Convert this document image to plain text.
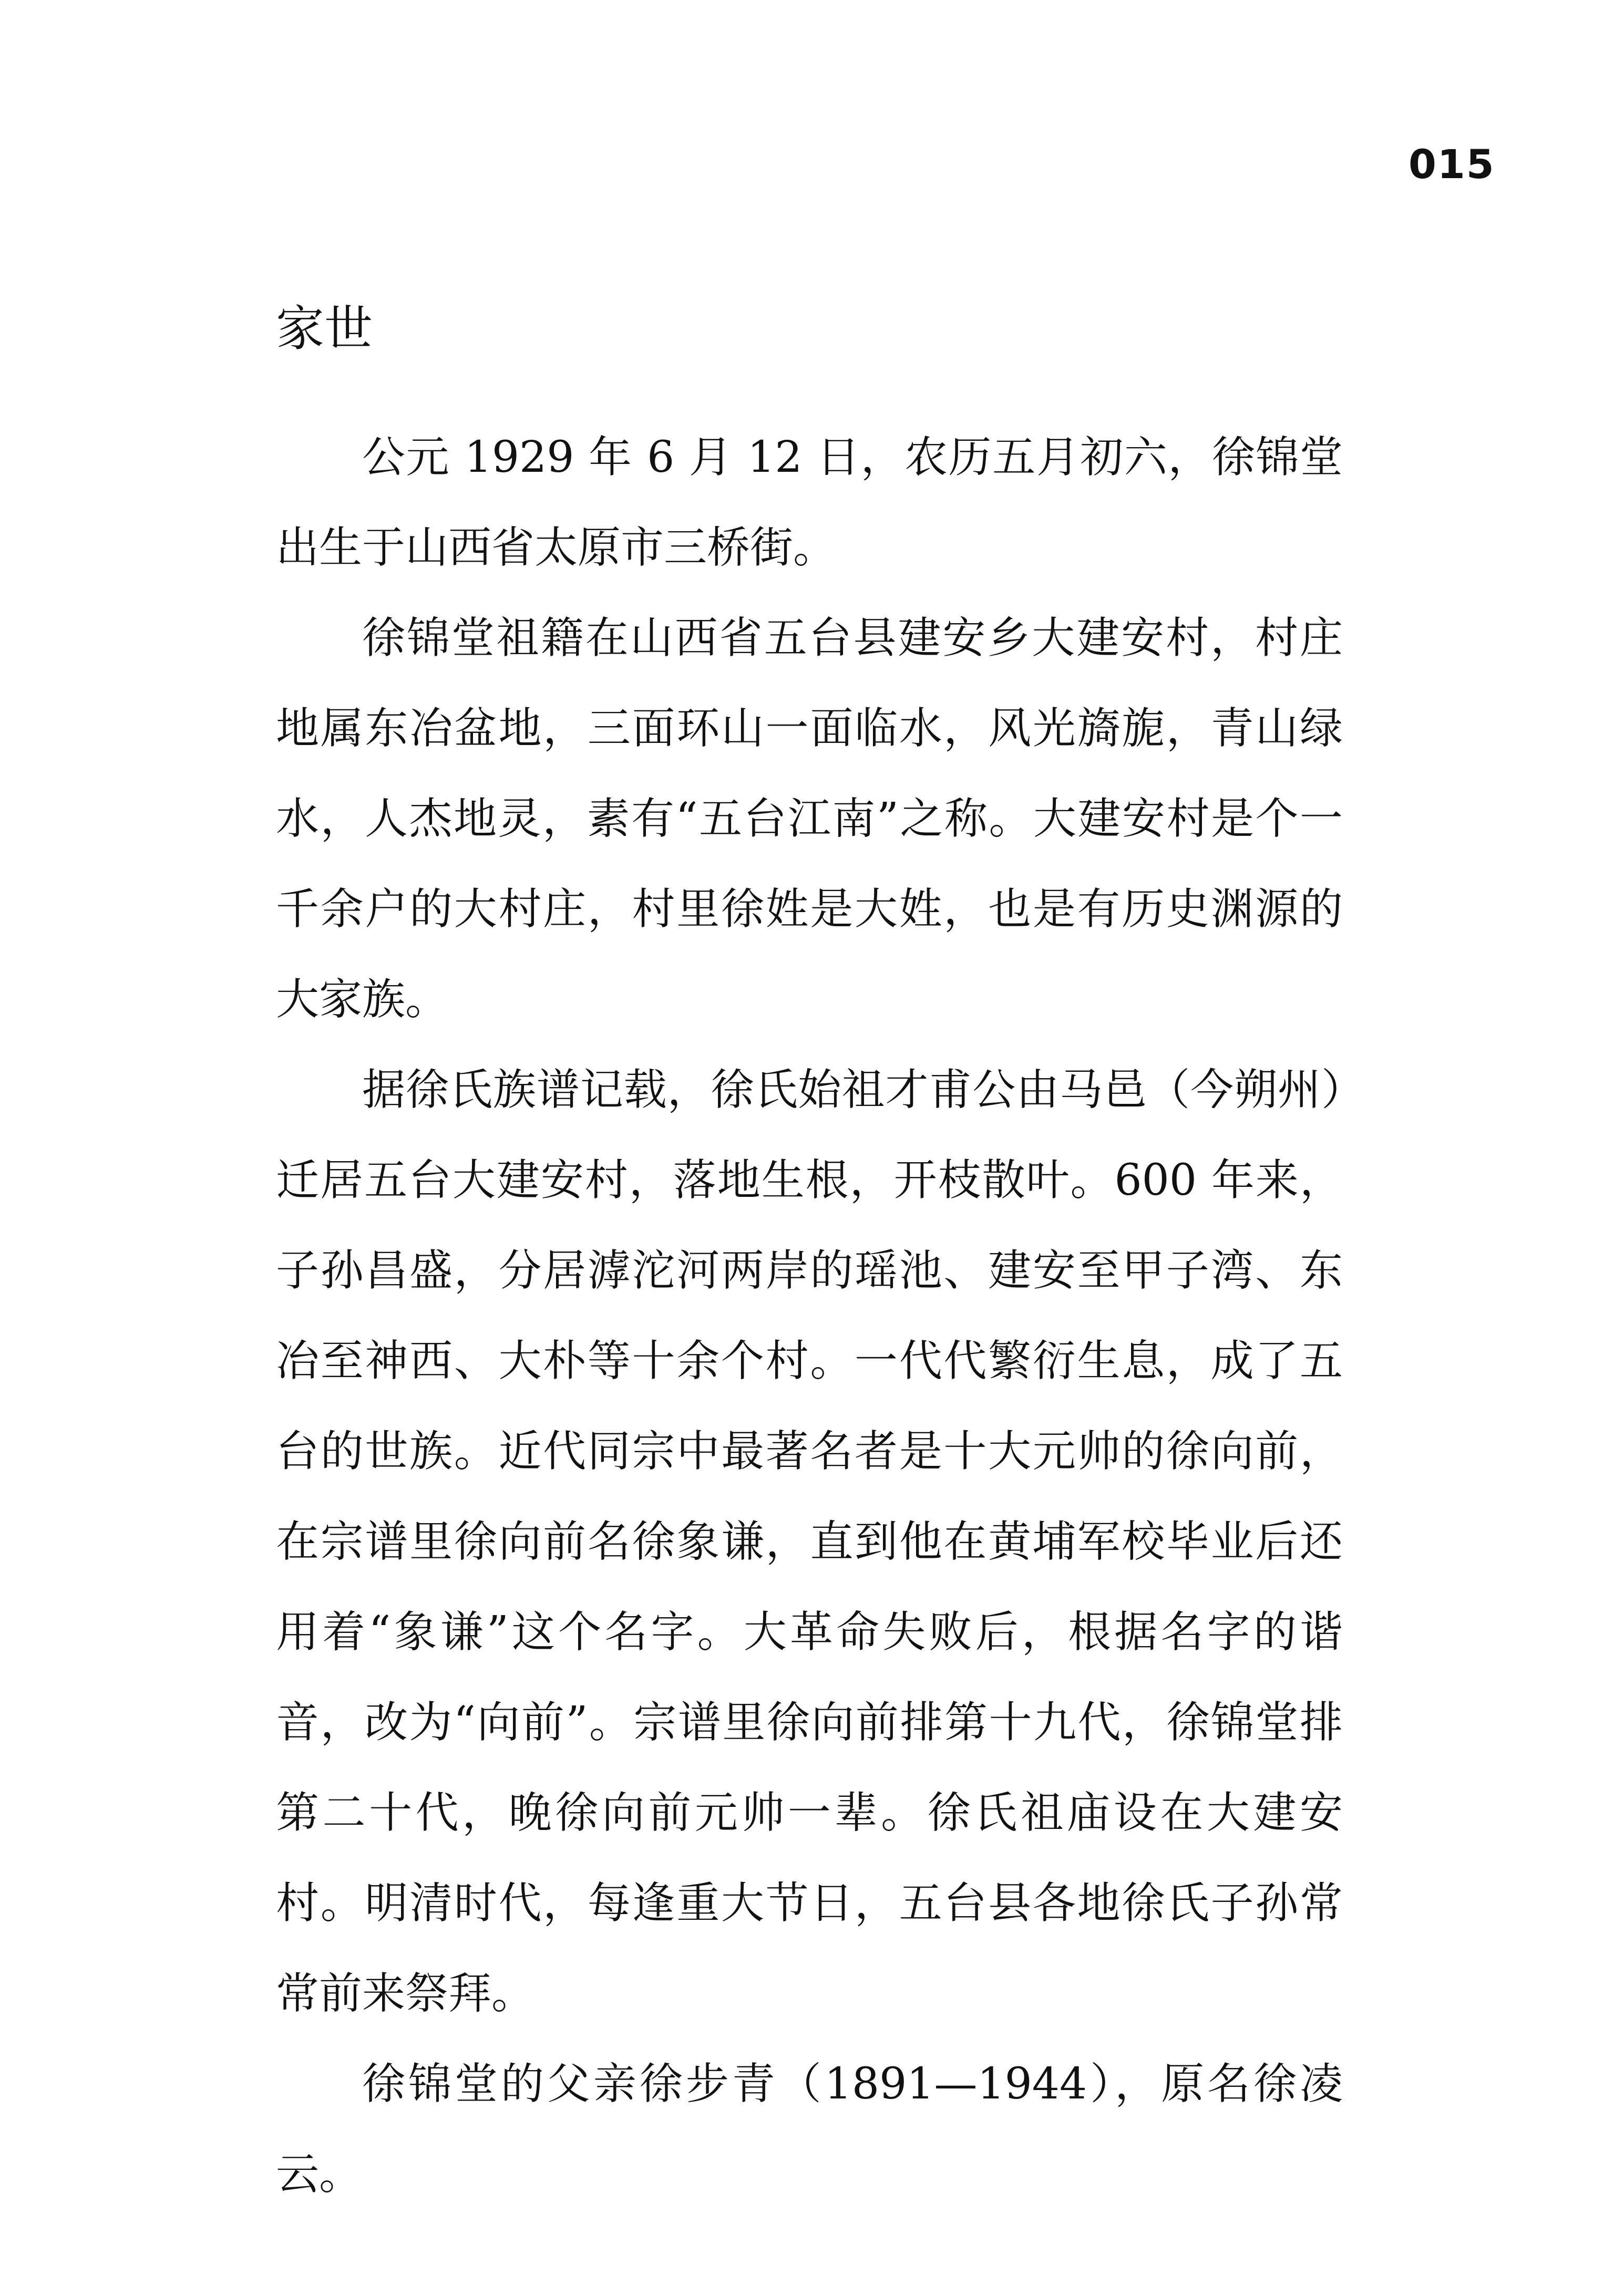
015
家世

公元 1929 年 6 月 12 日，农历五月初六，徐锦堂出生于山西省太原市三桥街。

徐锦堂祖籍在山西省五台县建安乡大建安村，村庄地属东冶盆地，三面环山一面临水，风光旖旎，青山绿水，人杰地灵，素有“五台江南”之称。大建安村是个一千余户的大村庄，村里徐姓是大姓，也是有历史渊源的大家族。

据徐氏族谱记载，徐氏始祖才甫公由马邑（今朔州）迁居五台大建安村，落地生根，开枝散叶。600 年来，子孙昌盛，分居滹沱河两岸的瑶池、建安至甲子湾、东冶至神西、大朴等十余个村。一代代繁衍生息，成了五台的世族。近代同宗中最著名者是十大元帅的徐向前，在宗谱里徐向前名徐象谦，直到他在黄埔军校毕业后还用着“象谦”这个名字。大革命失败后，根据名字的谐音，改为“向前”。宗谱里徐向前排第十九代，徐锦堂排第二十代，晚徐向前元帅一辈。徐氏祖庙设在大建安村。明清时代，每逢重大节日，五台县各地徐氏子孙常常前来祭拜。

徐锦堂的父亲徐步青（1891—1944），原名徐凌云。
